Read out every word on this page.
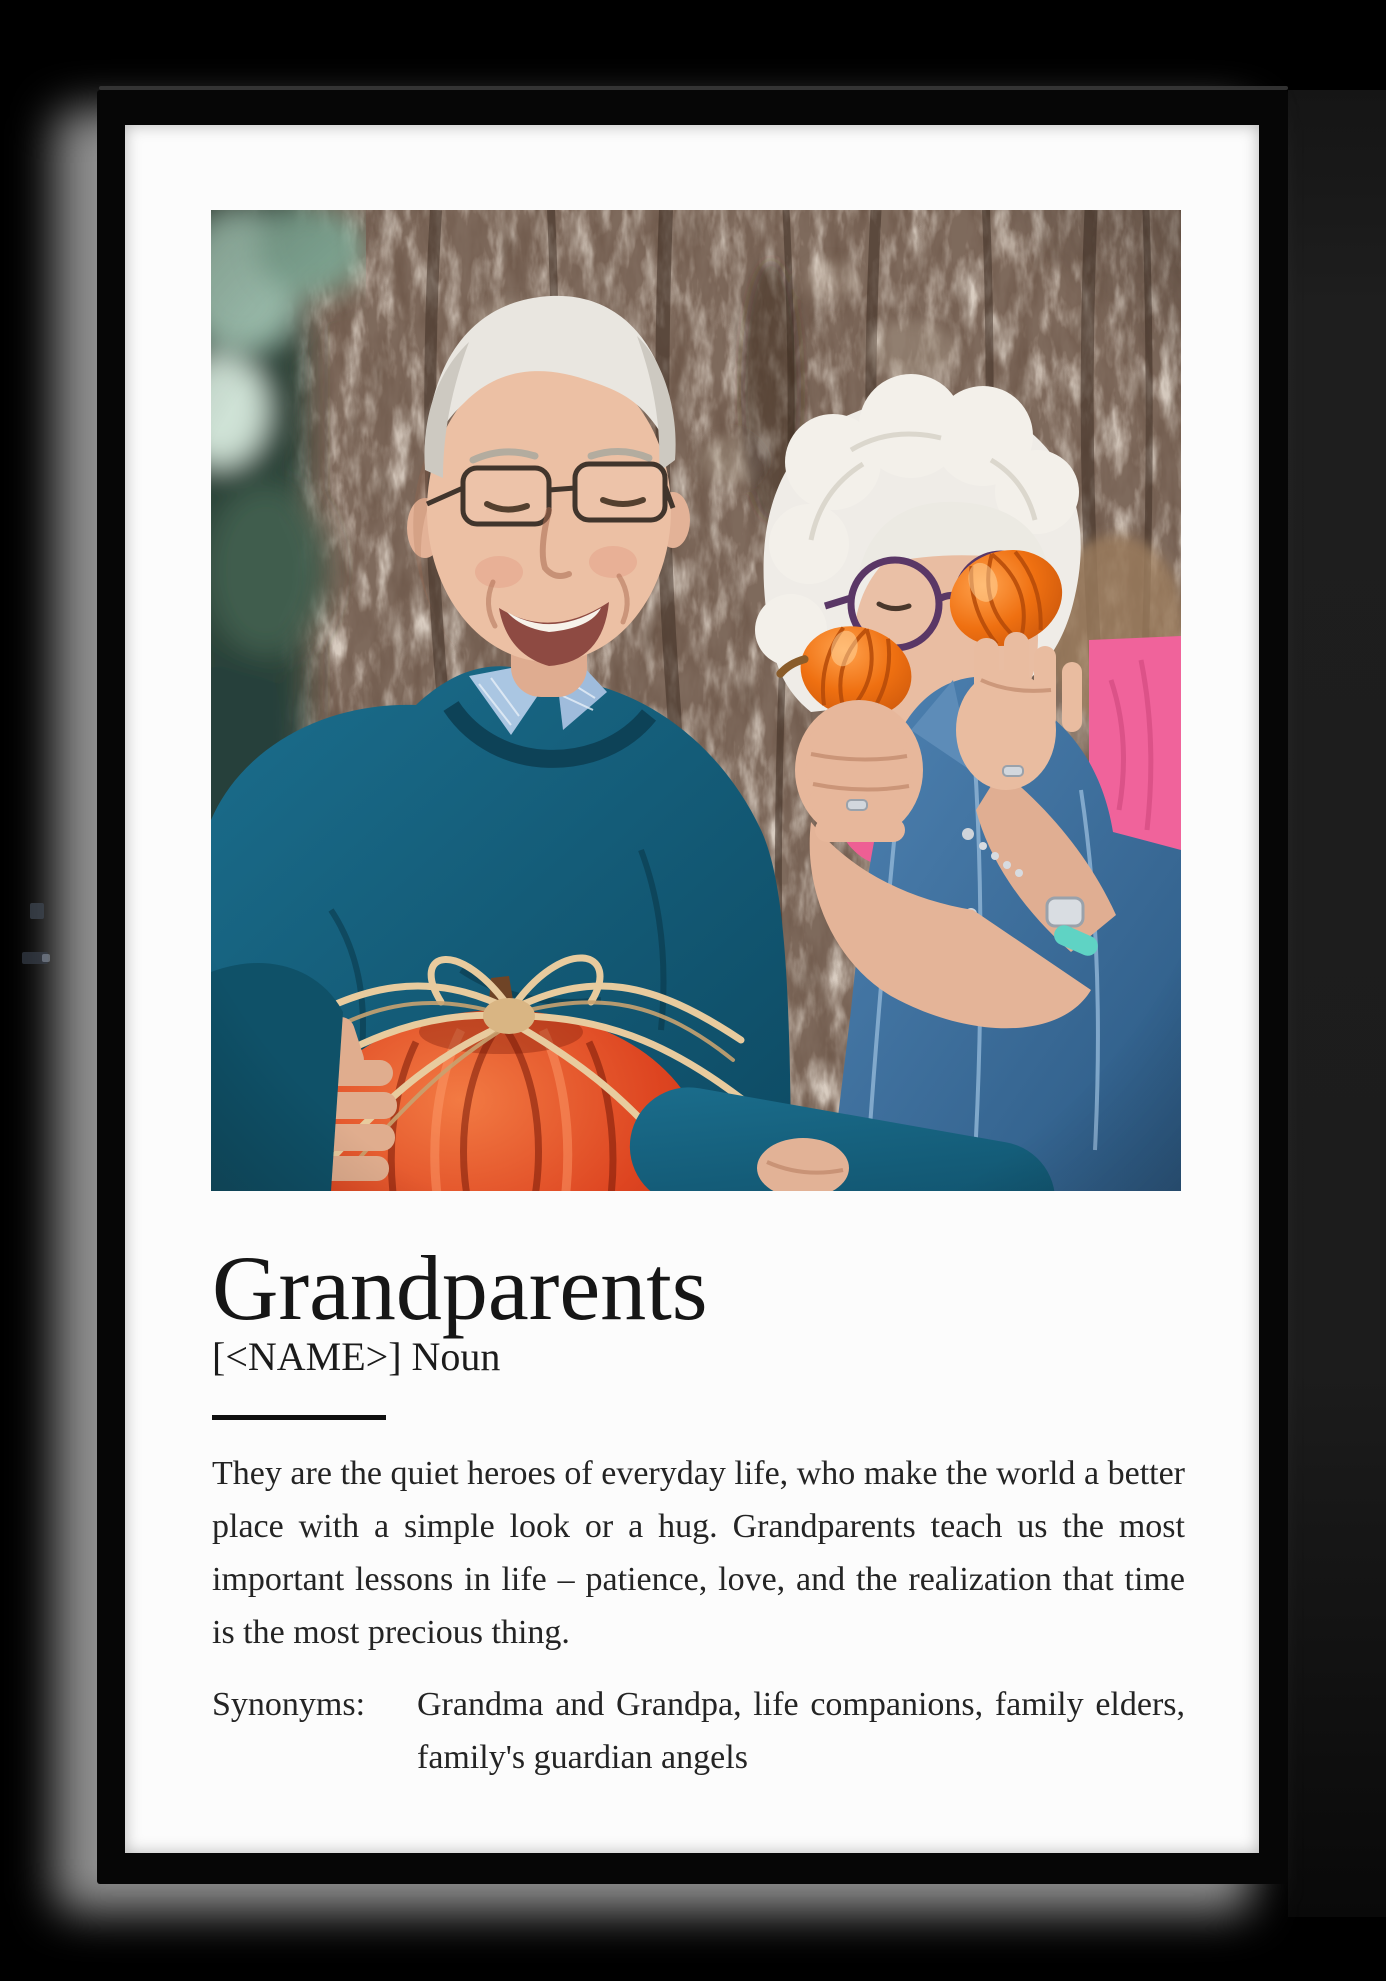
Grandparents
[<NAME>] Noun

They are the quiet heroes of everyday life, who make the world a better place with a simple look or a hug. Grandparents teach us the most important lessons in life – patience, love, and the realization that time is the most precious thing.

Synonyms:	Grandma and Grandpa, life companions, family elders, family's guardian angels
